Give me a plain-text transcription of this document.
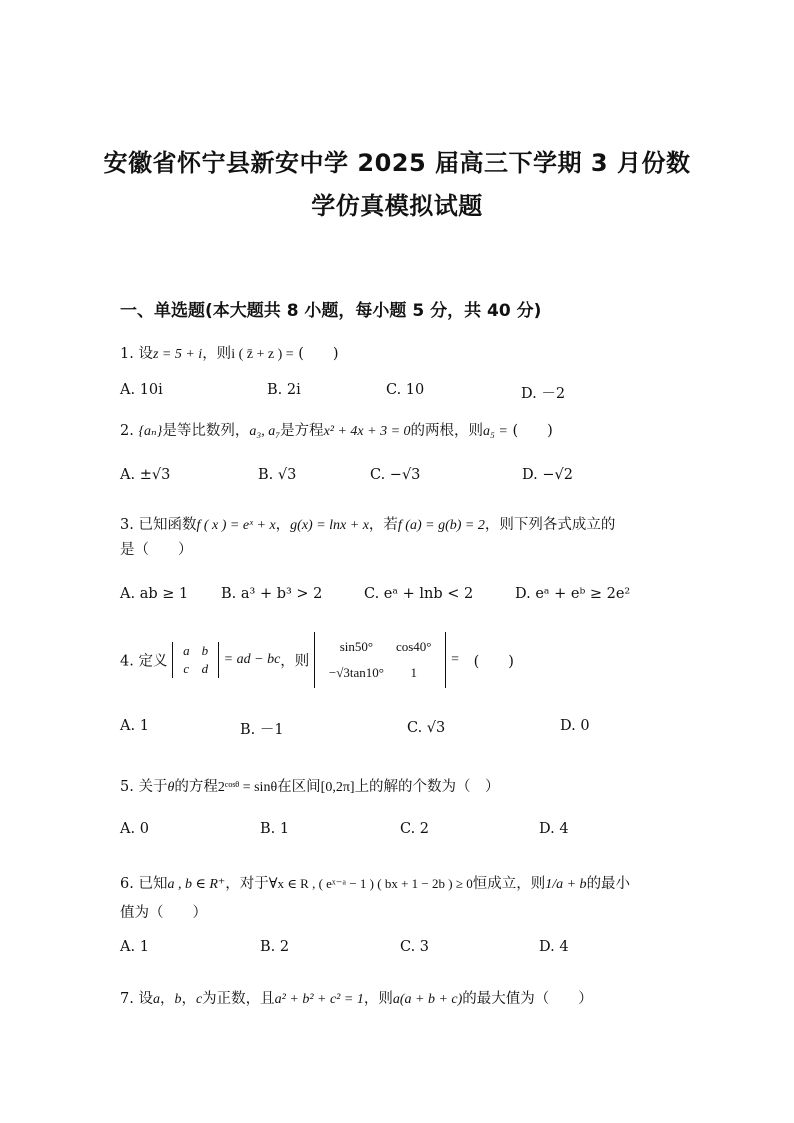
安徽省怀宁县新安中学 2025 届高三下学期 3 月份数
学仿真模拟试题
一、单选题(本大题共 8 小题，每小题 5 分，共 40 分)
1. 设z = 5 + i，则i ( z̄ + z ) = (　　)
A. 10i	B. 2i	C. 10	D. －2
2. {aₙ}是等比数列，a₃, a₇是方程x² + 4x + 3 = 0的两根，则a₅ = (　　)
A. ±√3	B. √3	C. −√3	D. −√2
3. 已知函数f ( x ) = eˣ + x，g(x) = lnx + x，若f (a) = g(b) = 2，则下列各式成立的
是（　　）
A. ab ≥ 1 B. a³ + b³ > 2	C. eᵃ + lnb < 2	D. eᵃ + eᵇ ≥ 2e²
4. 定义
a	b
c	d
= ad − bc，则
sin50°	cos40°
−√3tan10°	1
= (　　)
A. 1	B. －1	C. √3	D. 0
5. 关于θ的方程2ᶜᵒˢᶿ = sinθ在区间[0,2π]上的解的个数为（　）
A. 0	B. 1	C. 2	D. 4
6. 已知a , b ∈ R⁺，对于∀x ∈ R , ( eˣ⁻ᵃ − 1 ) ( bx + 1 − 2b ) ≥ 0恒成立，则1/a + b的最小
值为（　　）
A. 1	B. 2	C. 3	D. 4
7. 设a，b，c为正数，且a² + b² + c² = 1，则a(a + b + c)的最大值为（　　）
